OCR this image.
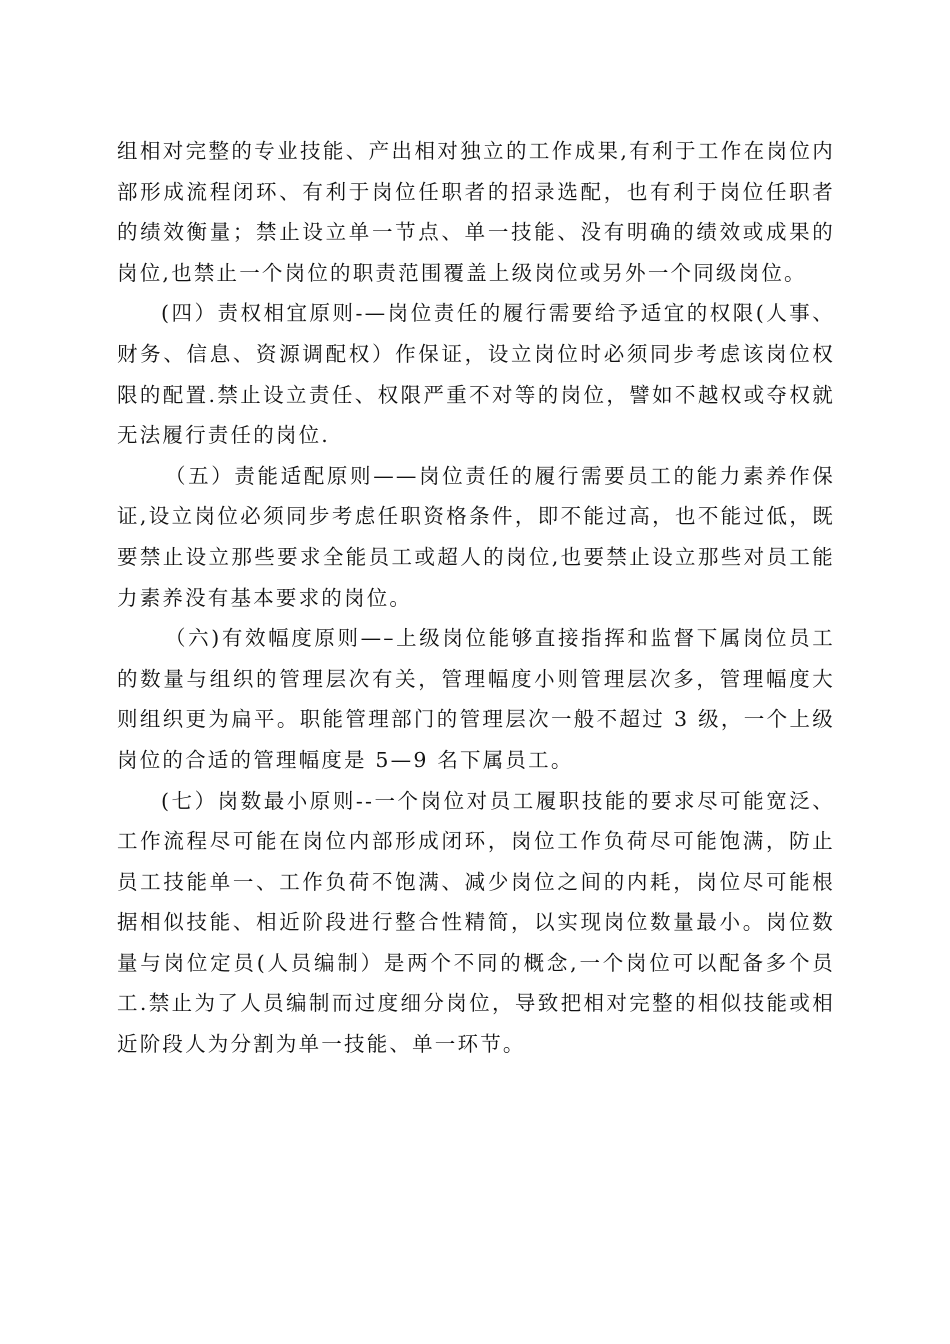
组相对完整的专业技能、产出相对独立的工作成果,有利于工作在岗位内部形成流程闭环、有利于岗位任职者的招录选配，也有利于岗位任职者的绩效衡量；禁止设立单一节点、单一技能、没有明确的绩效或成果的岗位,也禁止一个岗位的职责范围覆盖上级岗位或另外一个同级岗位。

(四）责权相宜原则-—岗位责任的履行需要给予适宜的权限(人事、财务、信息、资源调配权）作保证，设立岗位时必须同步考虑该岗位权限的配置.禁止设立责任、权限严重不对等的岗位，譬如不越权或夺权就无法履行责任的岗位.

（五）责能适配原则——岗位责任的履行需要员工的能力素养作保证,设立岗位必须同步考虑任职资格条件，即不能过高，也不能过低，既要禁止设立那些要求全能员工或超人的岗位,也要禁止设立那些对员工能力素养没有基本要求的岗位。

（六)有效幅度原则—–上级岗位能够直接指挥和监督下属岗位员工的数量与组织的管理层次有关，管理幅度小则管理层次多，管理幅度大则组织更为扁平。职能管理部门的管理层次一般不超过 3 级，一个上级岗位的合适的管理幅度是 5—9 名下属员工。

(七）岗数最小原则--一个岗位对员工履职技能的要求尽可能宽泛、工作流程尽可能在岗位内部形成闭环，岗位工作负荷尽可能饱满，防止员工技能单一、工作负荷不饱满、减少岗位之间的内耗，岗位尽可能根据相似技能、相近阶段进行整合性精简，以实现岗位数量最小。岗位数量与岗位定员(人员编制）是两个不同的概念,一个岗位可以配备多个员工.禁止为了人员编制而过度细分岗位，导致把相对完整的相似技能或相近阶段人为分割为单一技能、单一环节。
